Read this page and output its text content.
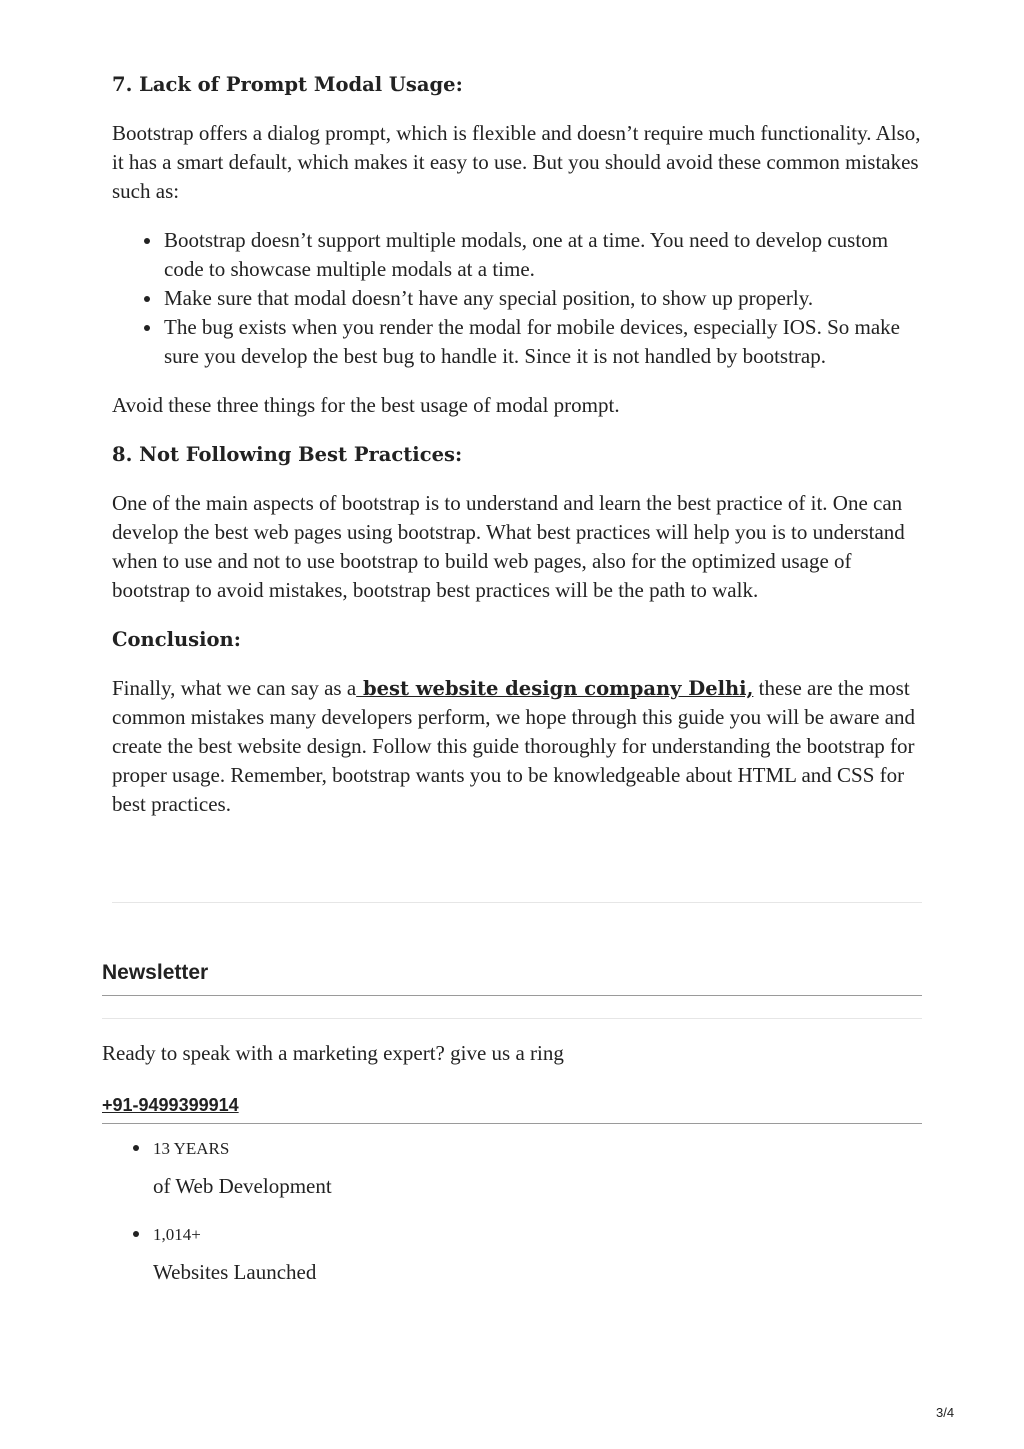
7. Lack of Prompt Modal Usage:

Bootstrap offers a dialog prompt, which is flexible and doesn’t require much functionality. Also, it has a smart default, which makes it easy to use. But you should avoid these common mistakes such as:

Bootstrap doesn’t support multiple modals, one at a time. You need to develop custom code to showcase multiple modals at a time.
Make sure that modal doesn’t have any special position, to show up properly.
The bug exists when you render the modal for mobile devices, especially IOS. So make sure you develop the best bug to handle it. Since it is not handled by bootstrap.

Avoid these three things for the best usage of modal prompt.

8. Not Following Best Practices:

One of the main aspects of bootstrap is to understand and learn the best practice of it. One can develop the best web pages using bootstrap. What best practices will help you is to understand when to use and not to use bootstrap to build web pages, also for the optimized usage of bootstrap to avoid mistakes, bootstrap best practices will be the path to walk.

Conclusion:

Finally, what we can say as a best website design company Delhi, these are the most common mistakes many developers perform, we hope through this guide you will be aware and create the best website design. Follow this guide thoroughly for understanding the bootstrap for proper usage. Remember, bootstrap wants you to be knowledgeable about HTML and CSS for best practices.

Newsletter

Ready to speak with a marketing expert? give us a ring

+91-9499399914
13 YEARS
of Web Development
1,014+
Websites Launched
3/4
